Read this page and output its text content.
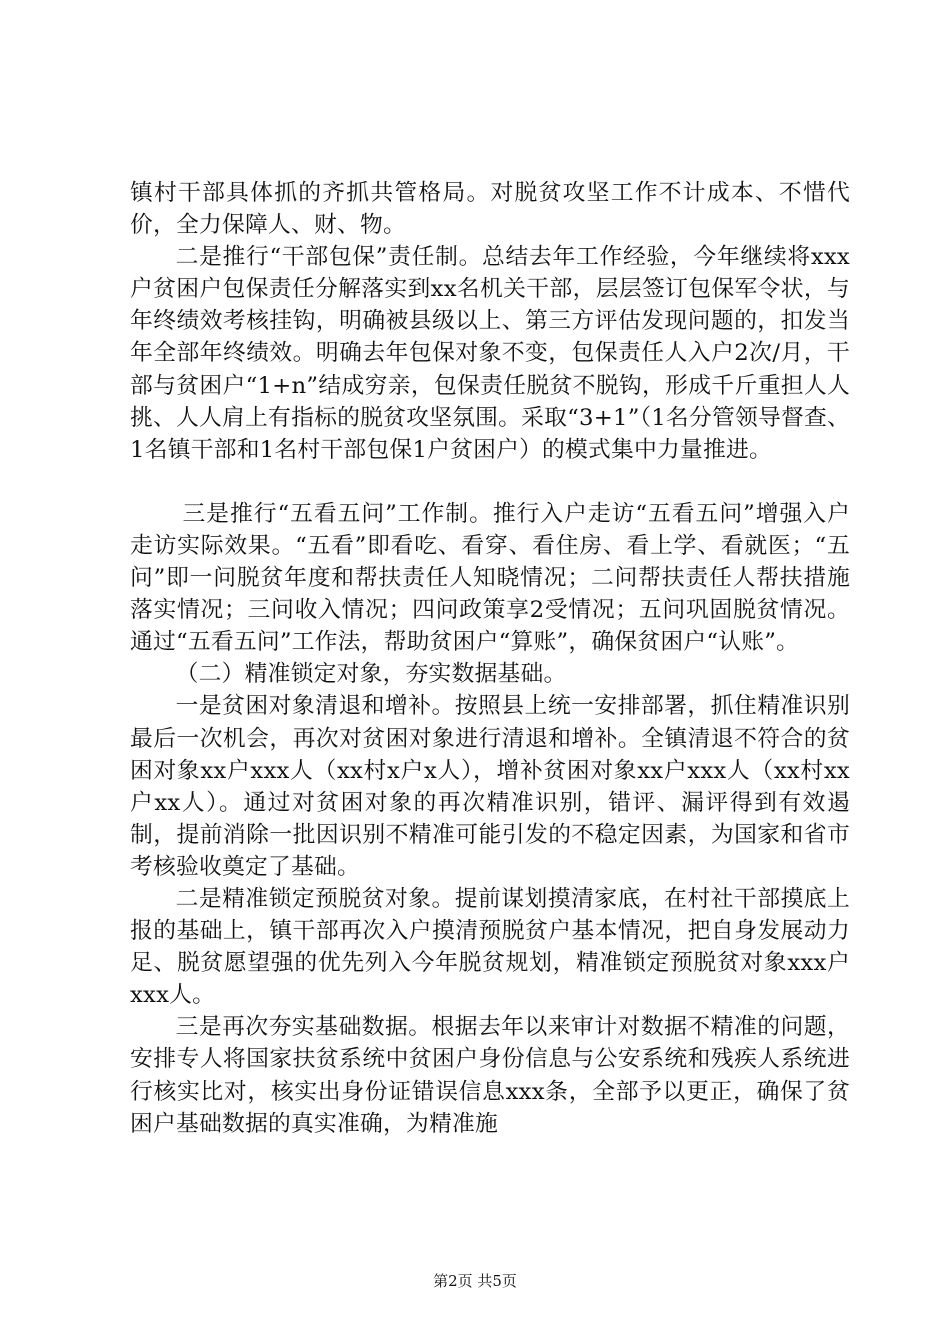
镇村干部具体抓的齐抓共管格局。对脱贫攻坚工作不计成本、不惜代价，全力保障人、财、物。

二是推行“干部包保”责任制。总结去年工作经验，今年继续将xxx户贫困户包保责任分解落实到xx名机关干部，层层签订包保军令状，与年终绩效考核挂钩，明确被县级以上、第三方评估发现问题的，扣发当年全部年终绩效。明确去年包保对象不变，包保责任人入户2次/月，干部与贫困户“1+n”结成穷亲，包保责任脱贫不脱钩，形成千斤重担人人挑、人人肩上有指标的脱贫攻坚氛围。采取“3+1”（1名分管领导督查、1名镇干部和1名村干部包保1户贫困户）的模式集中力量推进。

三是推行“五看五问”工作制。推行入户走访“五看五问”增强入户走访实际效果。“五看”即看吃、看穿、看住房、看上学、看就医；“五问”即一问脱贫年度和帮扶责任人知晓情况；二问帮扶责任人帮扶措施落实情况；三问收入情况；四问政策享2受情况；五问巩固脱贫情况。通过“五看五问”工作法，帮助贫困户“算账”，确保贫困户“认账”。

（二）精准锁定对象，夯实数据基础。

一是贫困对象清退和增补。按照县上统一安排部署，抓住精准识别最后一次机会，再次对贫困对象进行清退和增补。全镇清退不符合的贫困对象xx户xxx人（xx村x户x人），增补贫困对象xx户xxx人（xx村xx户xx人）。通过对贫困对象的再次精准识别，错评、漏评得到有效遏制，提前消除一批因识别不精准可能引发的不稳定因素，为国家和省市考核验收奠定了基础。

二是精准锁定预脱贫对象。提前谋划摸清家底，在村社干部摸底上报的基础上，镇干部再次入户摸清预脱贫户基本情况，把自身发展动力足、脱贫愿望强的优先列入今年脱贫规划，精准锁定预脱贫对象xxx户xxx人。

三是再次夯实基础数据。根据去年以来审计对数据不精准的问题，安排专人将国家扶贫系统中贫困户身份信息与公安系统和残疾人系统进行核实比对，核实出身份证错误信息xxx条，全部予以更正，确保了贫困户基础数据的真实准确，为精准施

第2页 共5页
